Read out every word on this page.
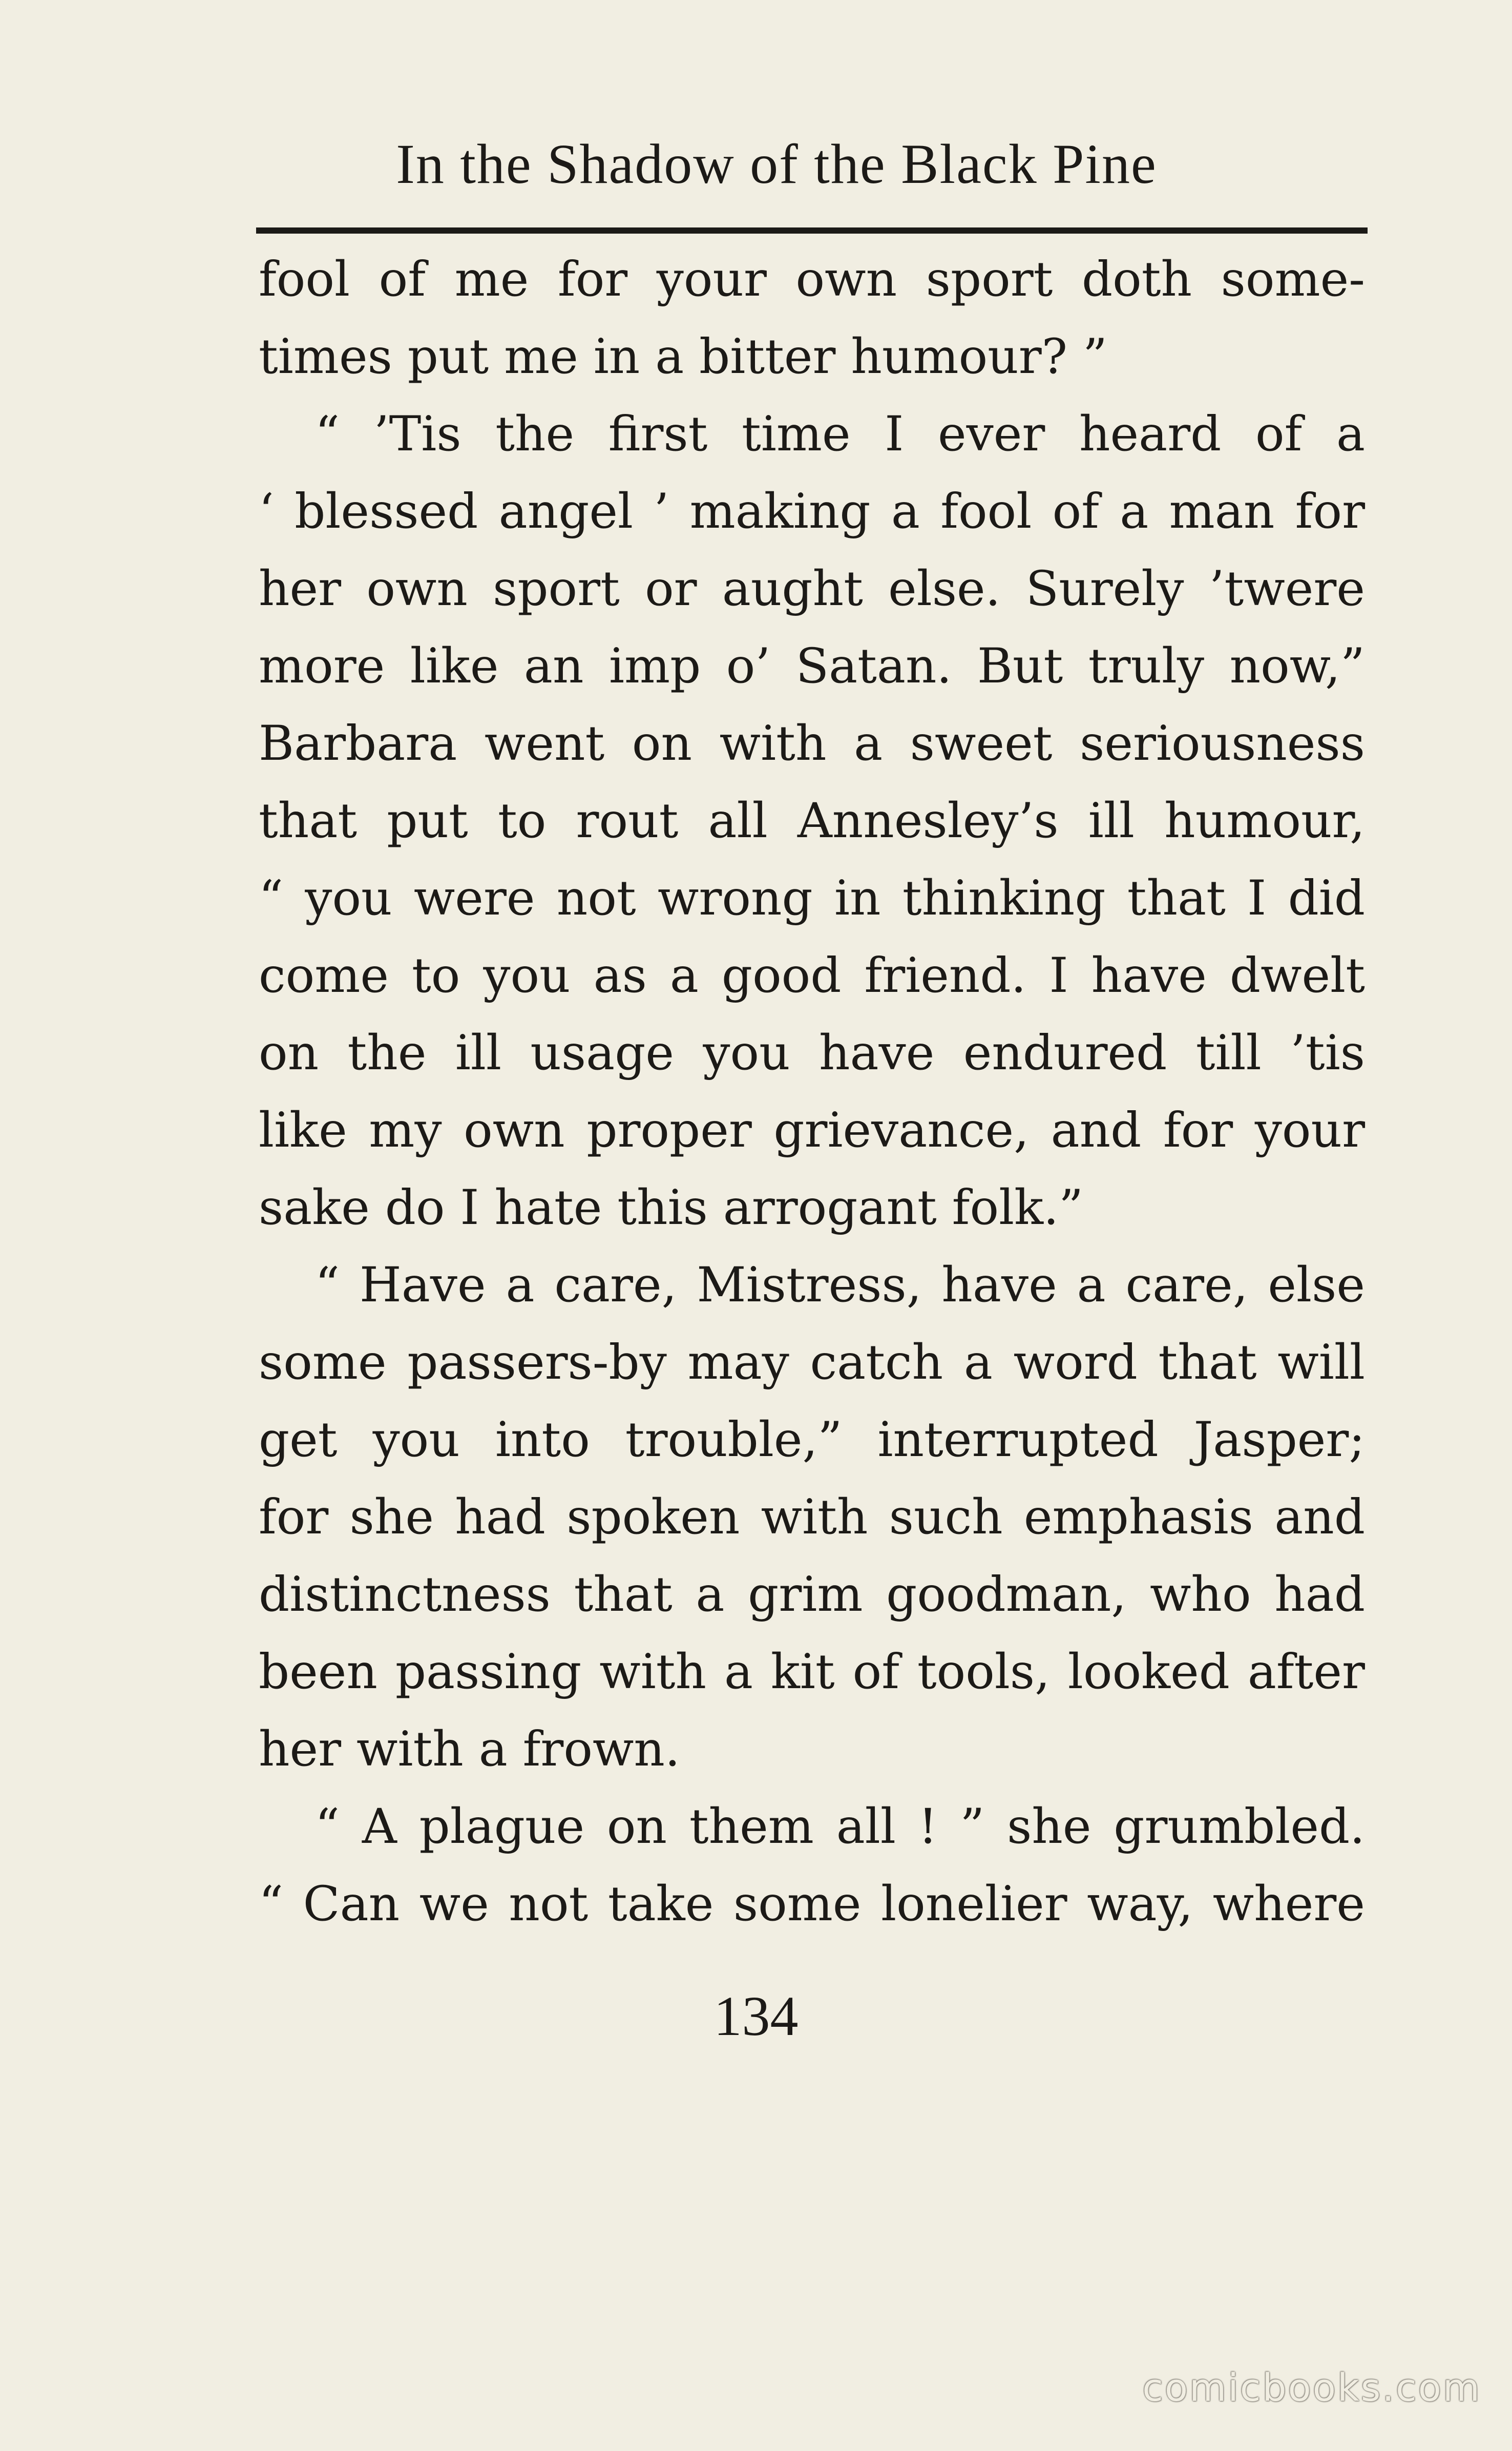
In the Shadow of the Black Pine
fool of me for your own sport doth some-
times put me in a bitter humour? ”
“ ’Tis the first time I ever heard of a
‘ blessed angel ’ making a fool of a man for
her own sport or aught else. Surely ’twere
more like an imp o’ Satan. But truly now,”
Barbara went on with a sweet seriousness
that put to rout all Annesley’s ill humour,
“ you were not wrong in thinking that I did
come to you as a good friend. I have dwelt
on the ill usage you have endured till ’tis
like my own proper grievance, and for your
sake do I hate this arrogant folk.”
“ Have a care, Mistress, have a care, else
some passers-by may catch a word that will
get you into trouble,” interrupted Jasper;
for she had spoken with such emphasis and
distinctness that a grim goodman, who had
been passing with a kit of tools, looked after
her with a frown.
“ A plague on them all ! ” she grumbled.
“ Can we not take some lonelier way, where
134
comicbooks.com
